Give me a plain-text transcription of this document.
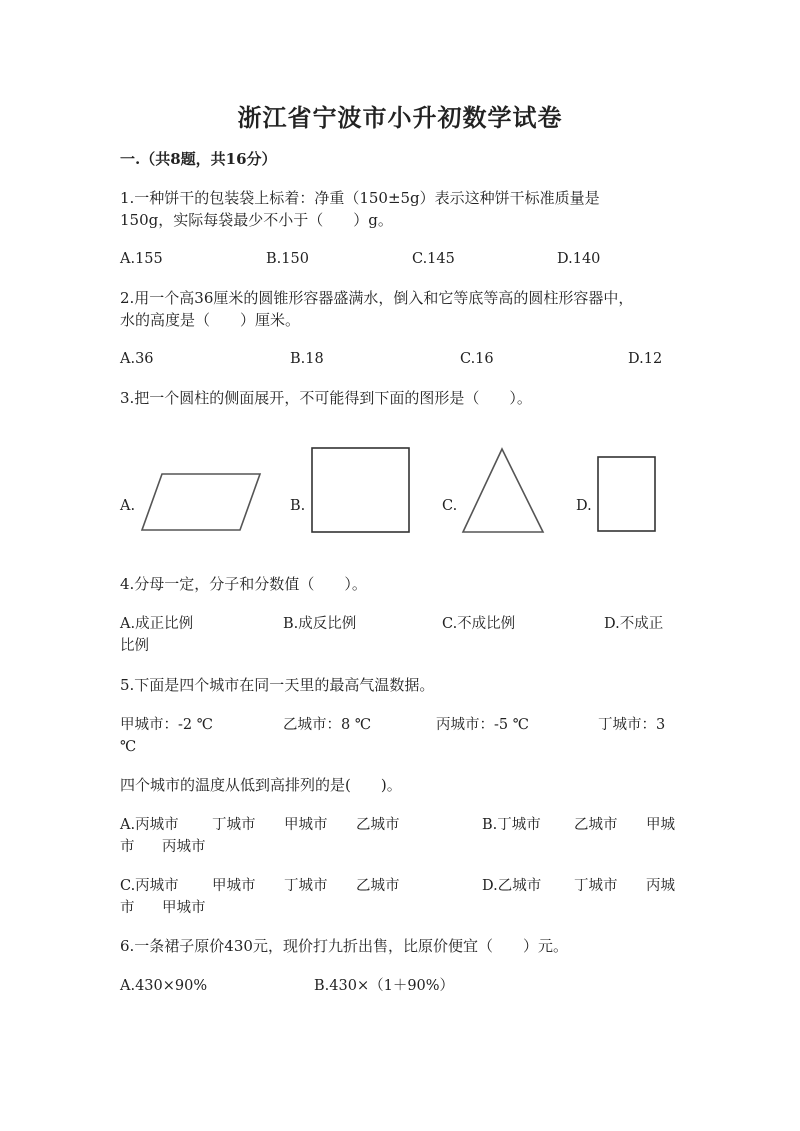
浙江省宁波市小升初数学试卷
一.（共8题，共16分）
1.一种饼干的包装袋上标着：净重（150±5g）表示这种饼干标准质量是
150g，实际每袋最少不小于（　　）g。
A.155	B.150	C.145	D.140
2.用一个高36厘米的圆锥形容器盛满水，倒入和它等底等高的圆柱形容器中，
水的高度是（　　）厘米。
A.36	B.18	C.16	D.12
3.把一个圆柱的侧面展开，不可能得到下面的图形是（　　）。
A.	B.	C.	D.
4.分母一定，分子和分数值（　　）。
A.成正比例	B.成反比例	C.不成比例	D.不成正
比例
5.下面是四个城市在同一天里的最高气温数据。
甲城市：-2 ℃	乙城市：8 ℃	丙城市：-5 ℃	丁城市：3
℃
四个城市的温度从低到高排列的是(　　)。
A.丙城市 丁城市 甲城市 乙城市	B.丁城市 乙城市 甲城
市 丙城市
C.丙城市 甲城市 丁城市 乙城市	D.乙城市 丁城市 丙城
市 甲城市
6.一条裙子原价430元，现价打九折出售，比原价便宜（　　）元。
A.430×90%	B.430×（1＋90%）
